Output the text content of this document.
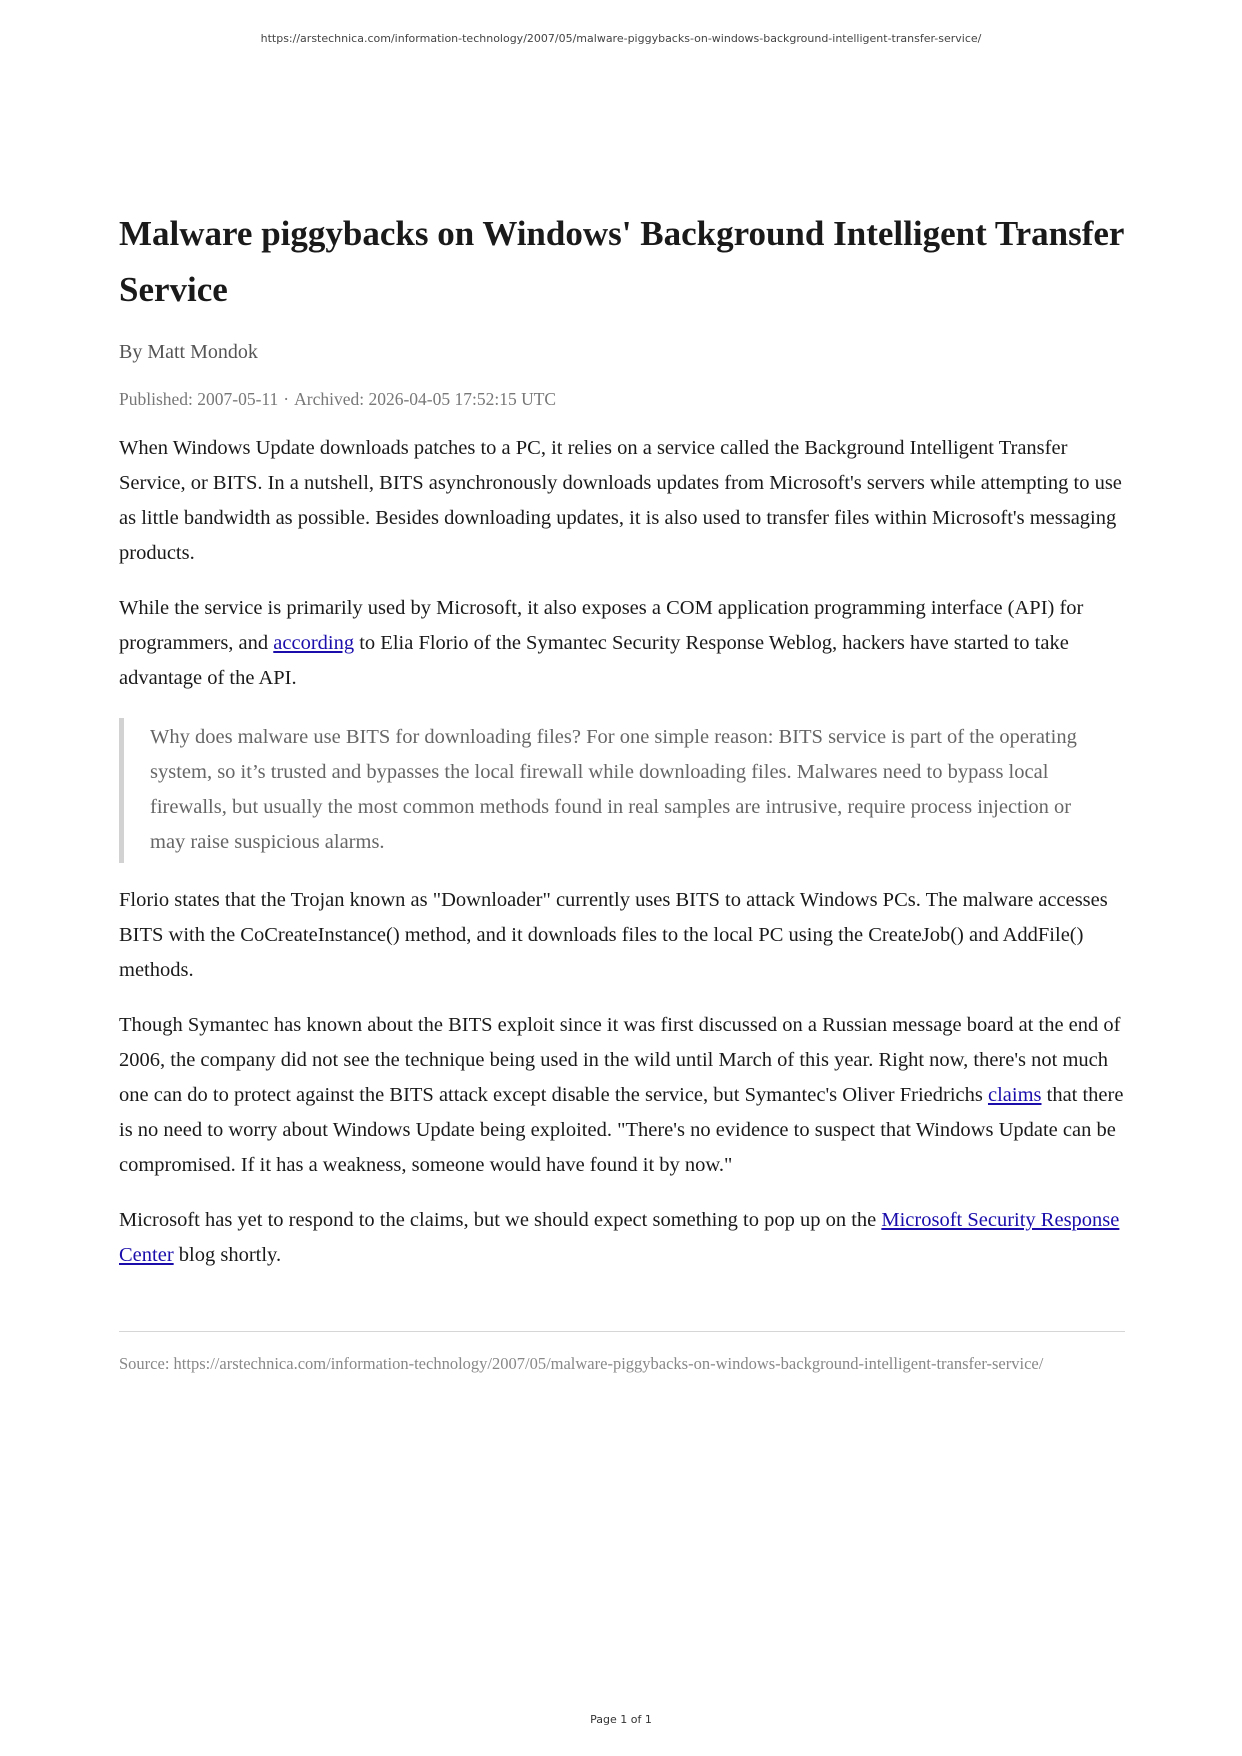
https://arstechnica.com/information-technology/2007/05/malware-piggybacks-on-windows-background-intelligent-transfer-service/
Malware piggybacks on Windows' Background Intelligent Transfer Service
By Matt Mondok
Published: 2007-05-11 · Archived: 2026-04-05 17:52:15 UTC

When Windows Update downloads patches to a PC, it relies on a service called the Background Intelligent Transfer Service, or BITS. In a nutshell, BITS asynchronously downloads updates from Microsoft's servers while attempting to use as little bandwidth as possible. Besides downloading updates, it is also used to transfer files within Microsoft's messaging products.

While the service is primarily used by Microsoft, it also exposes a COM application programming interface (API) for programmers, and according to Elia Florio of the Symantec Security Response Weblog, hackers have started to take advantage of the API.

Why does malware use BITS for downloading files? For one simple reason: BITS service is part of the operating system, so it’s trusted and bypasses the local firewall while downloading files. Malwares need to bypass local firewalls, but usually the most common methods found in real samples are intrusive, require process injection or may raise suspicious alarms.

Florio states that the Trojan known as "Downloader" currently uses BITS to attack Windows PCs. The malware accesses BITS with the CoCreateInstance() method, and it downloads files to the local PC using the CreateJob() and AddFile() methods.

Though Symantec has known about the BITS exploit since it was first discussed on a Russian message board at the end of 2006, the company did not see the technique being used in the wild until March of this year. Right now, there's not much one can do to protect against the BITS attack except disable the service, but Symantec's Oliver Friedrichs claims that there is no need to worry about Windows Update being exploited. "There's no evidence to suspect that Windows Update can be compromised. If it has a weakness, someone would have found it by now."

Microsoft has yet to respond to the claims, but we should expect something to pop up on the Microsoft Security Response Center blog shortly.

Source: https://arstechnica.com/information-technology/2007/05/malware-piggybacks-on-windows-background-intelligent-transfer-service/
Page 1 of 1
